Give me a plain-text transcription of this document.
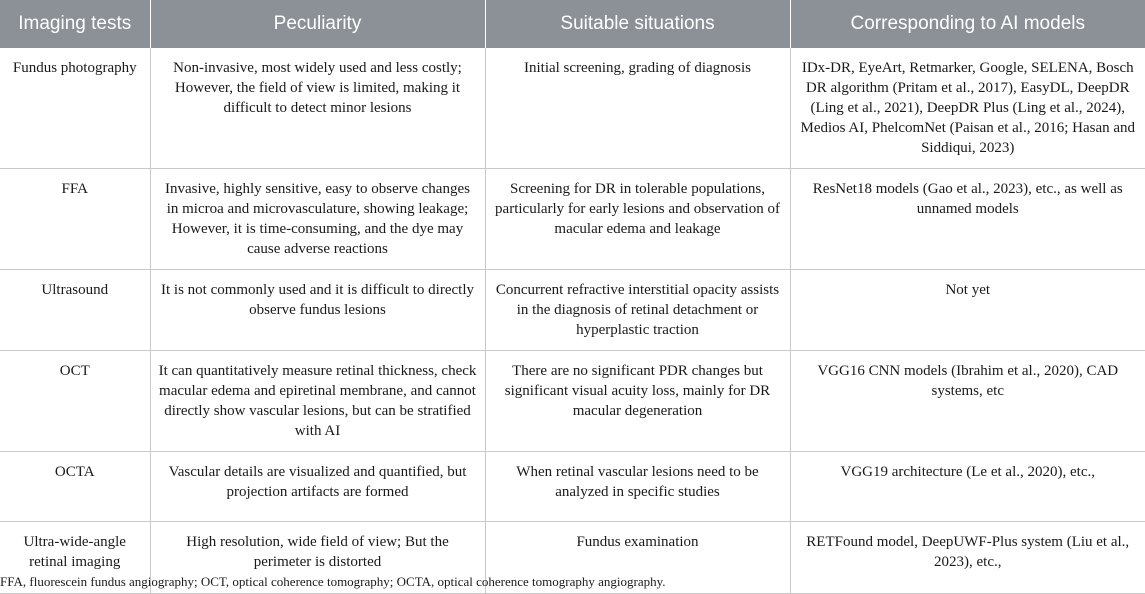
Imaging tests	Peculiarity	Suitable situations	Corresponding to AI models
Fundus photography	Non-invasive, most widely used and less costly; However, the field of view is limited, making it difficult to detect minor lesions	Initial screening, grading of diagnosis	IDx-DR, EyeArt, Retmarker, Google, SELENA, Bosch DR algorithm (Pritam et al., 2017), EasyDL, DeepDR (Ling et al., 2021), DeepDR Plus (Ling et al., 2024), Medios AI, PhelcomNet (Paisan et al., 2016; Hasan and Siddiqui, 2023)
FFA	Invasive, highly sensitive, easy to observe changes in microa and microvasculature, showing leakage; However, it is time-consuming, and the dye may cause adverse reactions	Screening for DR in tolerable populations, particularly for early lesions and observation of macular edema and leakage	ResNet18 models (Gao et al., 2023), etc., as well as unnamed models
Ultrasound	It is not commonly used and it is difficult to directly observe fundus lesions	Concurrent refractive interstitial opacity assists in the diagnosis of retinal detachment or hyperplastic traction	Not yet
OCT	It can quantitatively measure retinal thickness, check macular edema and epiretinal membrane, and cannot directly show vascular lesions, but can be stratified with AI	There are no significant PDR changes but significant visual acuity loss, mainly for DR macular degeneration	VGG16 CNN models (Ibrahim et al., 2020), CAD systems, etc
OCTA	Vascular details are visualized and quantified, but projection artifacts are formed	When retinal vascular lesions need to be analyzed in specific studies	VGG19 architecture (Le et al., 2020), etc.,
Ultra-wide-angle retinal imaging	High resolution, wide field of view; But the perimeter is distorted	Fundus examination	RETFound model, DeepUWF-Plus system (Liu et al., 2023), etc.,
FFA, fluorescein fundus angiography; OCT, optical coherence tomography; OCTA, optical coherence tomography angiography.
